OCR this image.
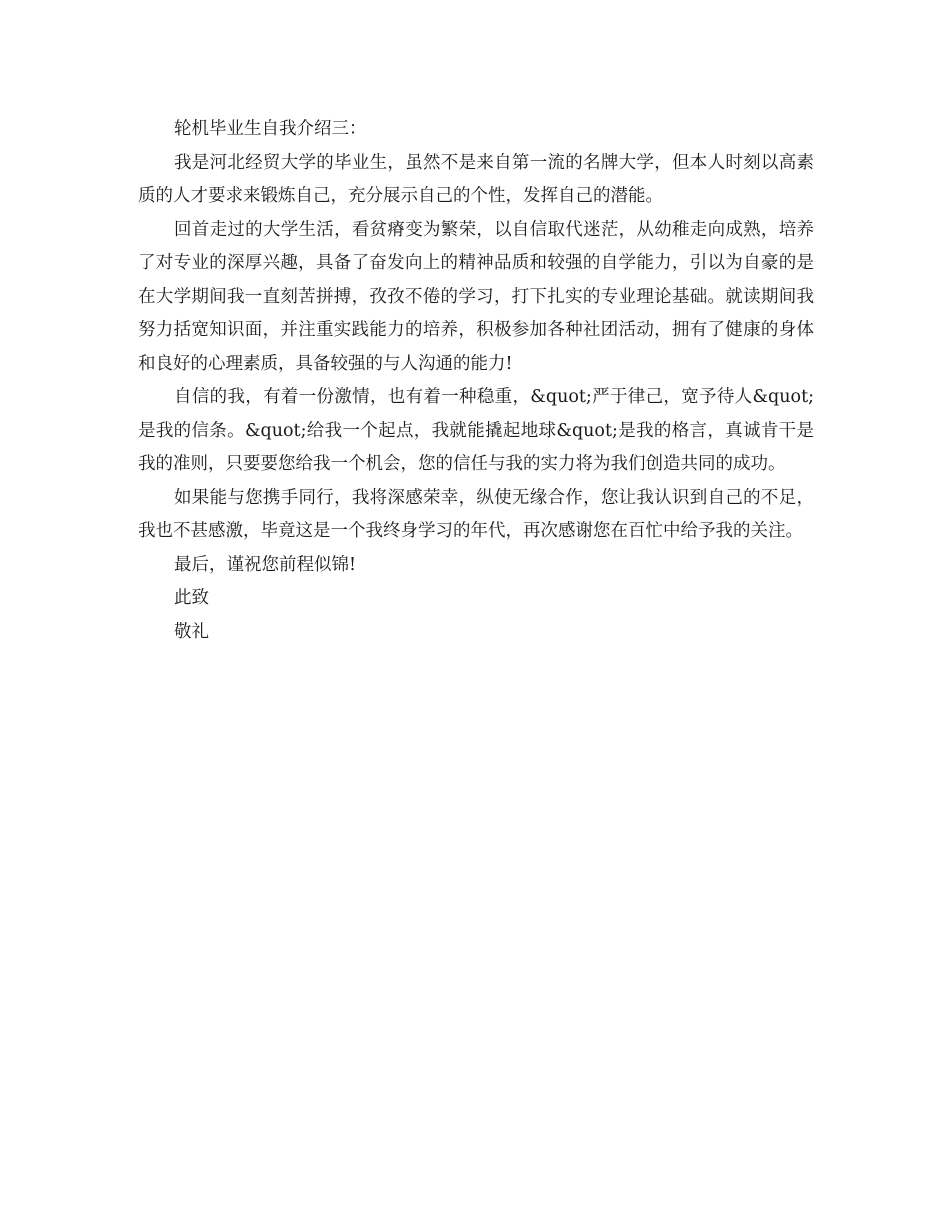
轮机毕业生自我介绍三：

我是河北经贸大学的毕业生，虽然不是来自第一流的名牌大学，但本人时刻以高素质的人才要求来锻炼自己，充分展示自己的个性，发挥自己的潜能。

回首走过的大学生活，看贫瘠变为繁荣，以自信取代迷茫，从幼稚走向成熟，培养了对专业的深厚兴趣，具备了奋发向上的精神品质和较强的自学能力，引以为自豪的是在大学期间我一直刻苦拼搏，孜孜不倦的学习，打下扎实的专业理论基础。就读期间我努力括宽知识面，并注重实践能力的培养，积极参加各种社团活动，拥有了健康的身体和良好的心理素质，具备较强的与人沟通的能力!

自信的我，有着一份激情，也有着一种稳重，&quot;严于律己，宽予待人&quot;是我的信条。&quot;给我一个起点，我就能撬起地球&quot;是我的格言，真诚肯干是我的准则，只要要您给我一个机会，您的信任与我的实力将为我们创造共同的成功。

如果能与您携手同行，我将深感荣幸，纵使无缘合作，您让我认识到自己的不足，我也不甚感激，毕竟这是一个我终身学习的年代，再次感谢您在百忙中给予我的关注。

最后，谨祝您前程似锦!

此致

敬礼
